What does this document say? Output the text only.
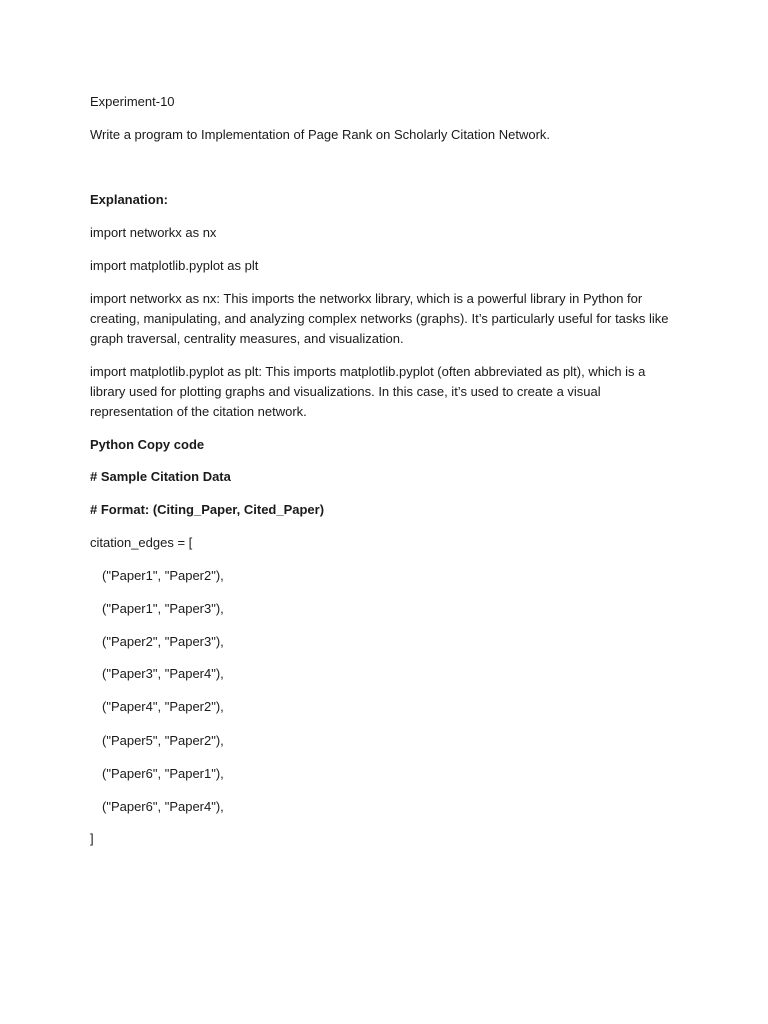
Experiment-10

Write a program to Implementation of Page Rank on Scholarly Citation Network.

Explanation:

import networkx as nx

import matplotlib.pyplot as plt

import networkx as nx: This imports the networkx library, which is a powerful library in Python for creating, manipulating, and analyzing complex networks (graphs). It’s particularly useful for tasks like graph traversal, centrality measures, and visualization.

import matplotlib.pyplot as plt: This imports matplotlib.pyplot (often abbreviated as plt), which is a library used for plotting graphs and visualizations. In this case, it’s used to create a visual representation of the citation network.

Python Copy code

# Sample Citation Data

# Format: (Citing_Paper, Cited_Paper)

citation_edges = [

("Paper1", "Paper2"),

("Paper1", "Paper3"),

("Paper2", "Paper3"),

("Paper3", "Paper4"),

("Paper4", "Paper2"),

("Paper5", "Paper2"),

("Paper6", "Paper1"),

("Paper6", "Paper4"),

]
